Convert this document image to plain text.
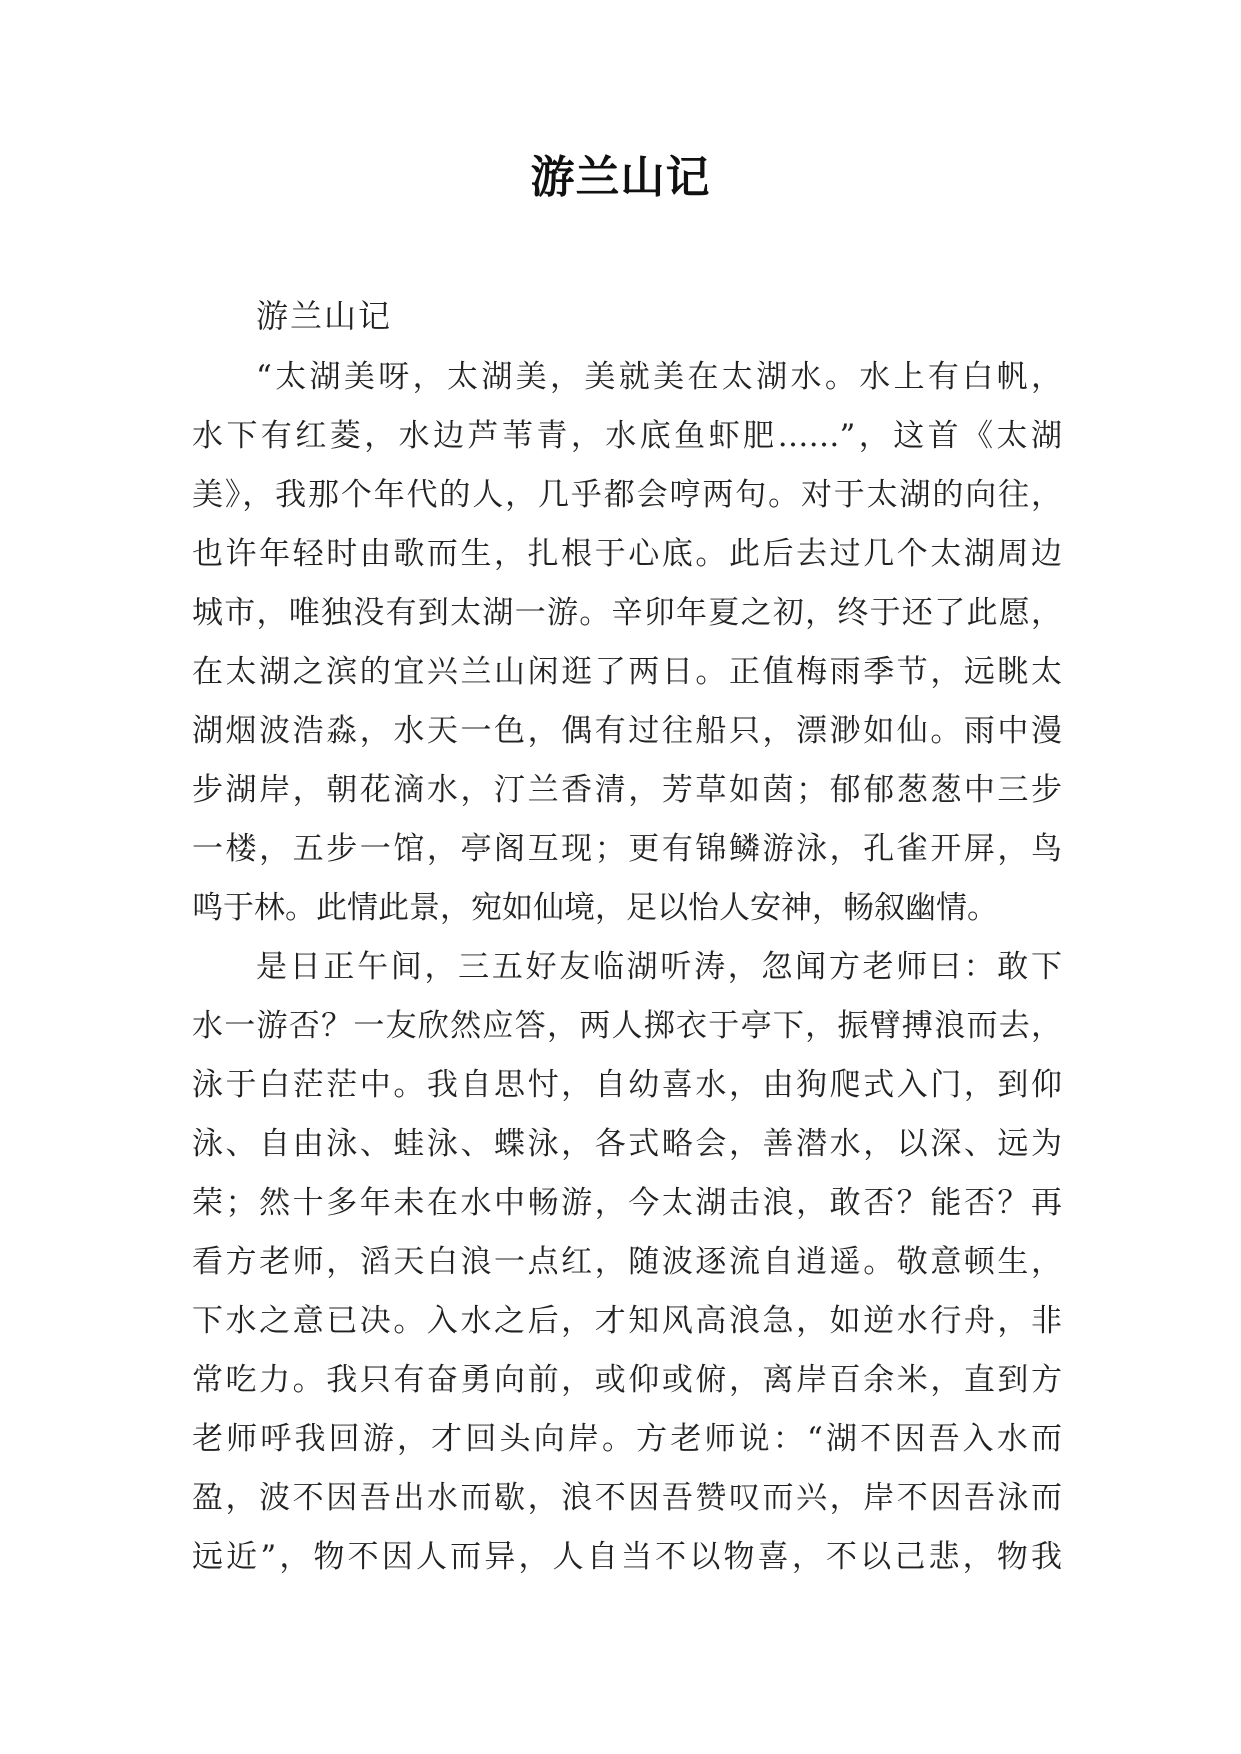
游兰山记
游兰山记
“太湖美呀，太湖美，美就美在太湖水。水上有白帆，
水下有红菱，水边芦苇青，水底鱼虾肥……”，这首《太湖
美》，我那个年代的人，几乎都会哼两句。对于太湖的向往，
也许年轻时由歌而生，扎根于心底。此后去过几个太湖周边
城市，唯独没有到太湖一游。辛卯年夏之初，终于还了此愿，
在太湖之滨的宜兴兰山闲逛了两日。正值梅雨季节，远眺太
湖烟波浩淼，水天一色，偶有过往船只，漂渺如仙。雨中漫
步湖岸，朝花滴水，汀兰香清，芳草如茵；郁郁葱葱中三步
一楼，五步一馆，亭阁互现；更有锦鳞游泳，孔雀开屏，鸟
鸣于林。此情此景，宛如仙境，足以怡人安神，畅叙幽情。
是日正午间，三五好友临湖听涛，忽闻方老师曰：敢下
水一游否？一友欣然应答，两人掷衣于亭下，振臂搏浪而去，
泳于白茫茫中。我自思忖，自幼喜水，由狗爬式入门，到仰
泳、自由泳、蛙泳、蝶泳，各式略会，善潜水，以深、远为
荣；然十多年未在水中畅游，今太湖击浪，敢否？能否？再
看方老师，滔天白浪一点红，随波逐流自逍遥。敬意顿生，
下水之意已决。入水之后，才知风高浪急，如逆水行舟，非
常吃力。我只有奋勇向前，或仰或俯，离岸百余米，直到方
老师呼我回游，才回头向岸。方老师说：“湖不因吾入水而
盈，波不因吾出水而歇，浪不因吾赞叹而兴，岸不因吾泳而
远近”，物不因人而异，人自当不以物喜，不以己悲，物我
